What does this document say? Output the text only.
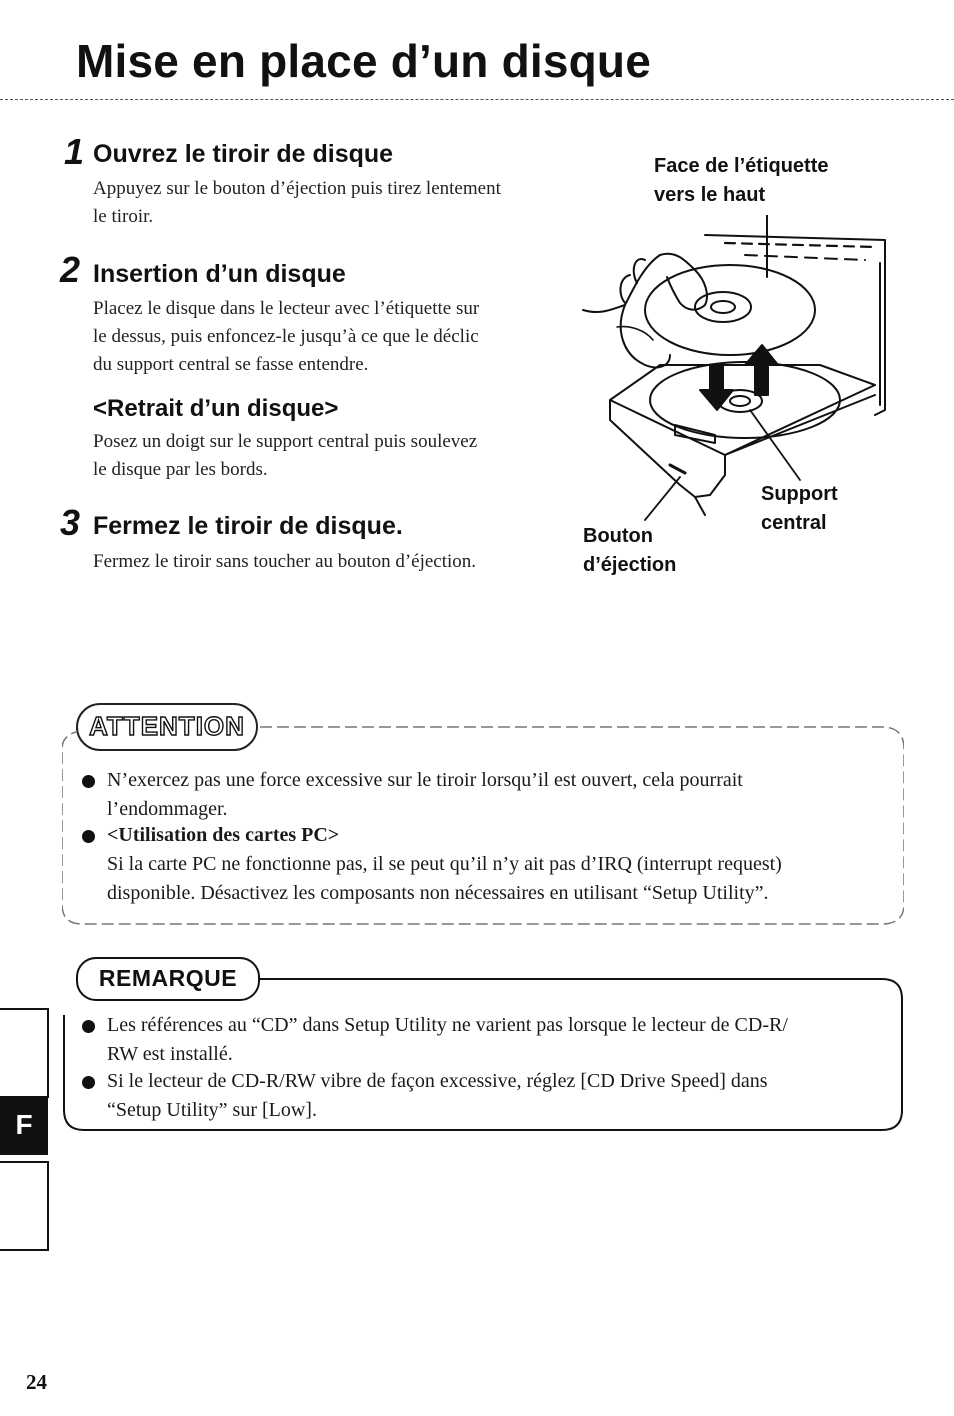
Mise en place d’un disque
1 Ouvrez le tiroir de disque
Appuyez sur le bouton d’éjection puis tirez lentement
le tiroir.
2 Insertion d’un disque
Placez le disque dans le lecteur avec l’étiquette sur
le dessus, puis enfoncez-le jusqu’à ce que le déclic
du support central se fasse entendre.
<Retrait d’un disque>
Posez un doigt sur le support central puis soulevez
le disque par les bords.
3 Fermez le tiroir de disque.
Fermez le tiroir sans toucher au bouton d’éjection.
Face de l’étiquette
vers le haut
Support
central
Bouton
d’éjection
ATTENTION
N’exercez pas une force excessive sur le tiroir lorsqu’il est ouvert, cela pourrait
l’endommager.
<Utilisation des cartes PC>
Si la carte PC ne fonctionne pas, il se peut qu’il n’y ait pas d’IRQ (interrupt request)
disponible. Désactivez les composants non nécessaires en utilisant “Setup Utility”.
REMARQUE
Les références au “CD” dans Setup Utility ne varient pas lorsque le lecteur de CD-R/
RW est installé.
Si le lecteur de CD-R/RW vibre de façon excessive, réglez [CD Drive Speed] dans
“Setup Utility” sur [Low].
F
24
